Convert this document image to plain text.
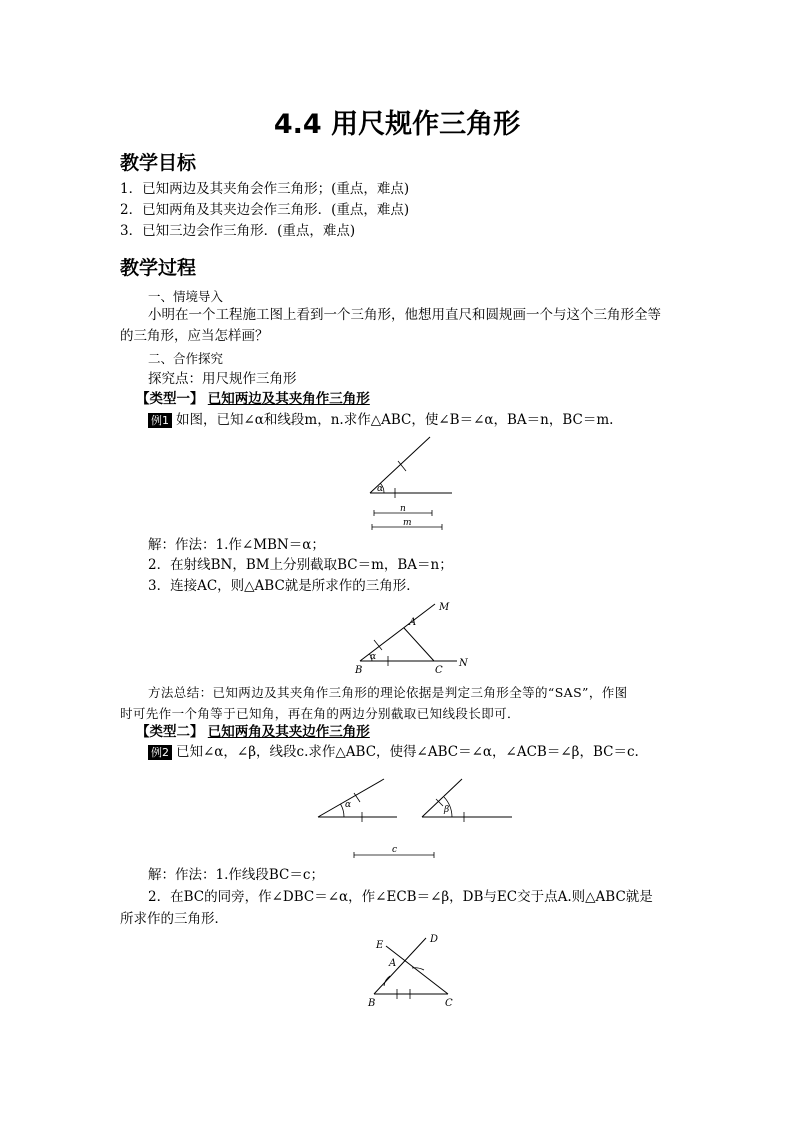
4.4 用尺规作三角形
教学目标
1．已知两边及其夹角会作三角形；(重点，难点)
2．已知两角及其夹边会作三角形．(重点，难点)
3．已知三边会作三角形．(重点，难点)
教学过程
一、情境导入
小明在一个工程施工图上看到一个三角形，他想用直尺和圆规画一个与这个三角形全等
的三角形，应当怎样画？
二、合作探究
探究点：用尺规作三角形
【类型一】 已知两边及其夹角作三角形
例1 如图，已知∠α和线段m，n.求作△ABC，使∠B＝∠α，BA＝n，BC＝m.
α
n
m
解：作法：1.作∠MBN＝α；
2．在射线BN，BM上分别截取BC＝m，BA＝n；
3．连接AC，则△ABC就是所求作的三角形．
M
A
α
B	C
N
方法总结：已知两边及其夹角作三角形的理论依据是判定三角形全等的“SAS”，作图
时可先作一个角等于已知角，再在角的两边分别截取已知线段长即可．
【类型二】 已知两角及其夹边作三角形
例2 已知∠α，∠β，线段c.求作△ABC，使得∠ABC＝∠α，∠ACB＝∠β，BC＝c.
α	β
c
解：作法：1.作线段BC＝c；
2．在BC的同旁，作∠DBC＝∠α，作∠ECB＝∠β，DB与EC交于点A.则△ABC就是
所求作的三角形．
E
D
A
B	C
